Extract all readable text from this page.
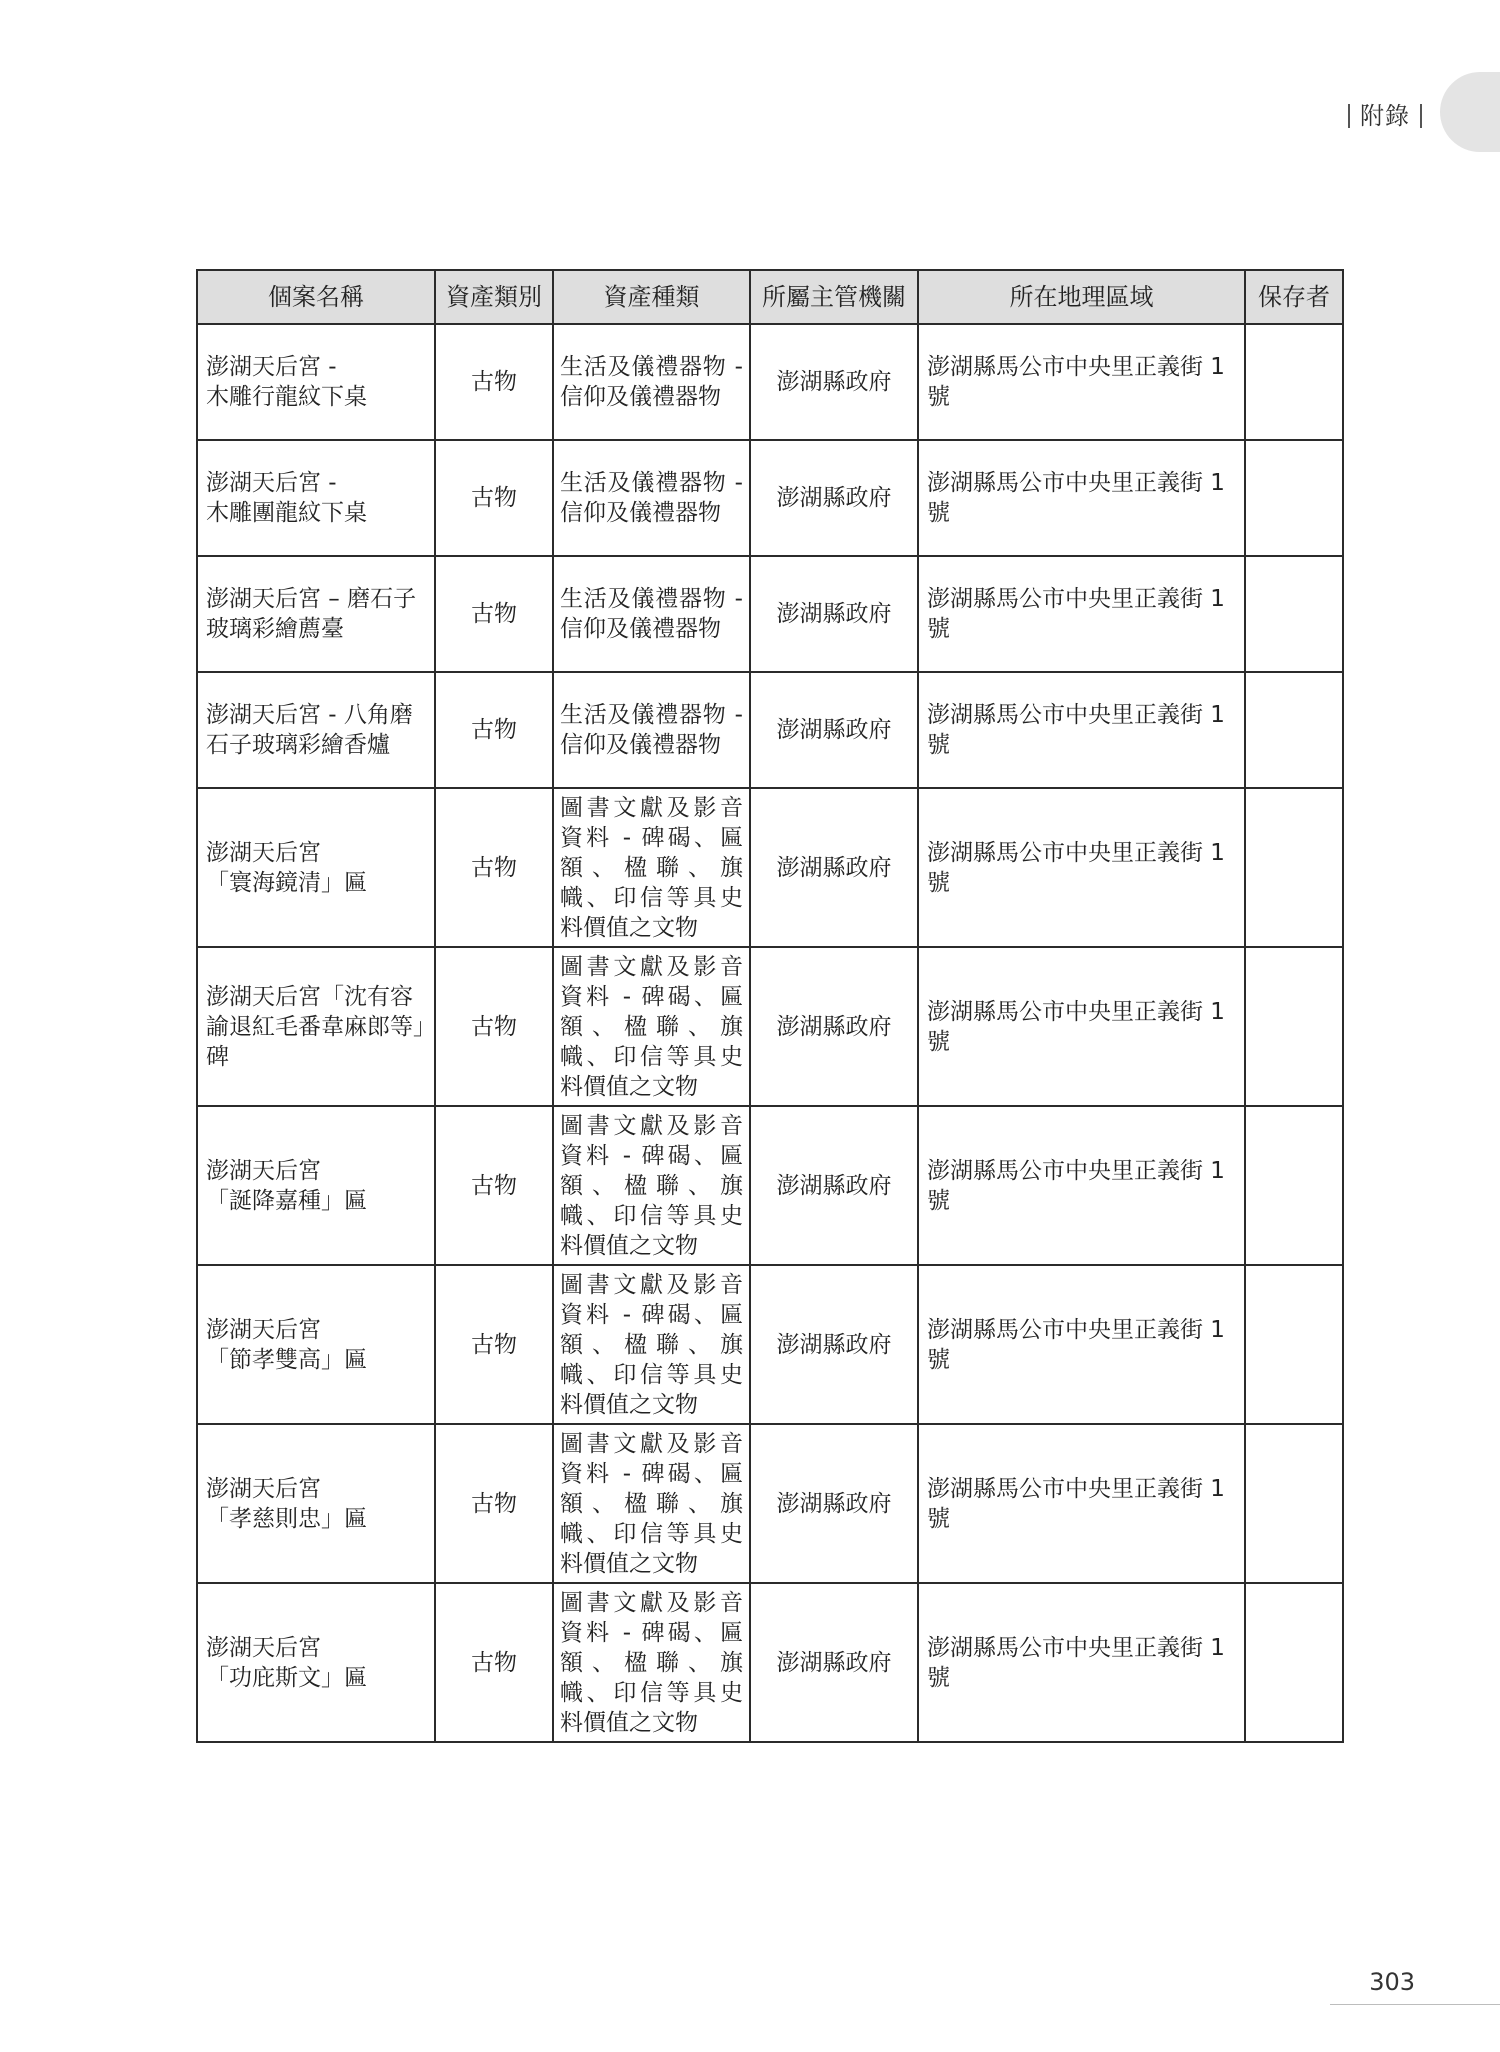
附錄
個案名稱	資產類別	資產種類	所屬主管機關	所在地理區域	保存者
澎湖天后宮 -
木雕行龍紋下桌	古物	生活及儀禮器物 - 信仰及儀禮器物	澎湖縣政府	澎湖縣馬公市中央里正義街 1 號	
澎湖天后宮 -
木雕團龍紋下桌	古物	生活及儀禮器物 - 信仰及儀禮器物	澎湖縣政府	澎湖縣馬公市中央里正義街 1 號	
澎湖天后宮 – 磨石子玻璃彩繪薦臺	古物	生活及儀禮器物 - 信仰及儀禮器物	澎湖縣政府	澎湖縣馬公市中央里正義街 1 號	
澎湖天后宮 - 八角磨石子玻璃彩繪香爐	古物	生活及儀禮器物 - 信仰及儀禮器物	澎湖縣政府	澎湖縣馬公市中央里正義街 1 號	
澎湖天后宮
「寰海鏡清」匾	古物	圖書文獻及影音資料 - 碑碣、匾額、楹聯、旗幟、印信等具史料價值之文物	澎湖縣政府	澎湖縣馬公市中央里正義街 1 號	
澎湖天后宮「沈有容諭退紅毛番韋麻郎等」碑	古物	圖書文獻及影音資料 - 碑碣、匾額、楹聯、旗幟、印信等具史料價值之文物	澎湖縣政府	澎湖縣馬公市中央里正義街 1 號	
澎湖天后宮
「誕降嘉種」匾	古物	圖書文獻及影音資料 - 碑碣、匾額、楹聯、旗幟、印信等具史料價值之文物	澎湖縣政府	澎湖縣馬公市中央里正義街 1 號	
澎湖天后宮
「節孝雙高」匾	古物	圖書文獻及影音資料 - 碑碣、匾額、楹聯、旗幟、印信等具史料價值之文物	澎湖縣政府	澎湖縣馬公市中央里正義街 1 號	
澎湖天后宮
「孝慈則忠」匾	古物	圖書文獻及影音資料 - 碑碣、匾額、楹聯、旗幟、印信等具史料價值之文物	澎湖縣政府	澎湖縣馬公市中央里正義街 1 號	
澎湖天后宮
「功庇斯文」匾	古物	圖書文獻及影音資料 - 碑碣、匾額、楹聯、旗幟、印信等具史料價值之文物	澎湖縣政府	澎湖縣馬公市中央里正義街 1 號	
303
